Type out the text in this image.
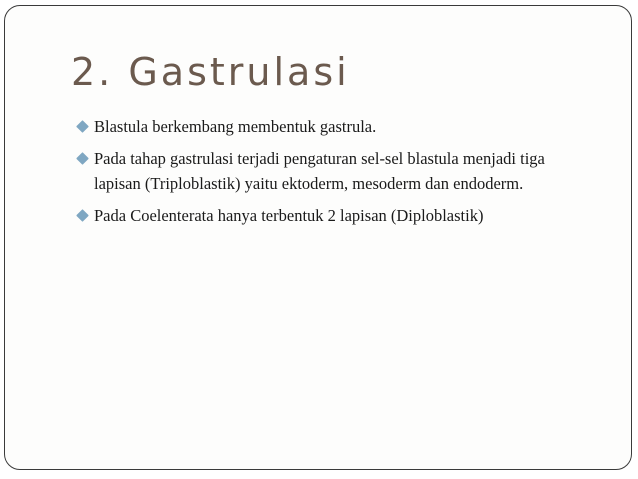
2. Gastrulasi
Blastula berkembang membentuk gastrula.
Pada tahap gastrulasi terjadi pengaturan sel-sel blastula menjadi tiga lapisan (Triploblastik) yaitu ektoderm, mesoderm dan endoderm.
Pada Coelenterata hanya terbentuk 2 lapisan (Diploblastik)
